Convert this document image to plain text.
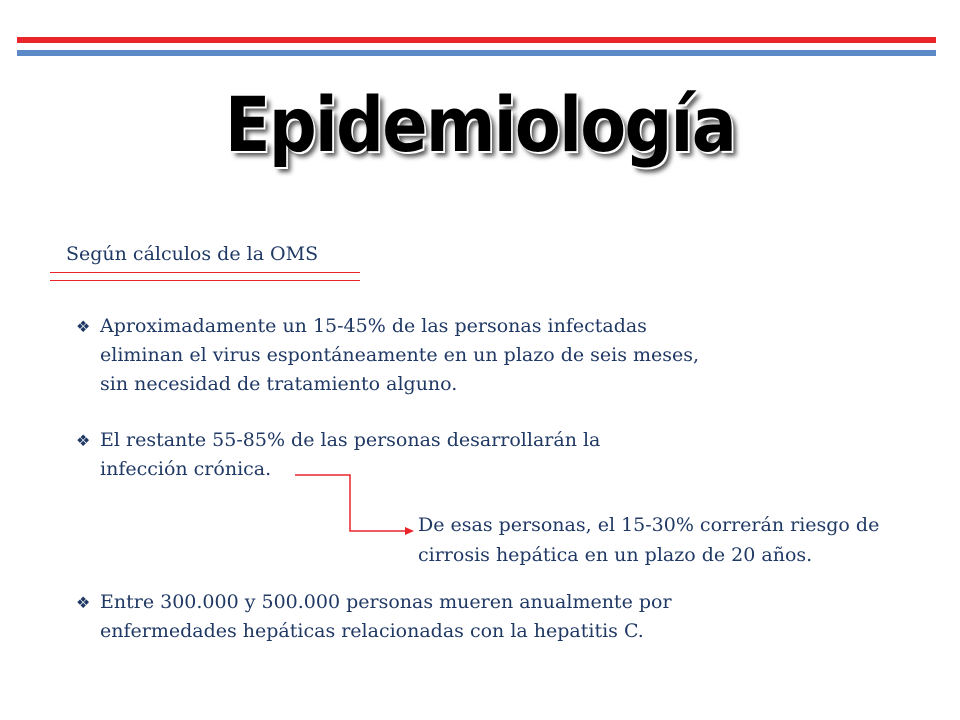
Epidemiología
Según cálculos de la OMS
❖ Aproximadamente un 15-45% de las personas infectadas eliminan el virus espontáneamente en un plazo de seis meses, sin necesidad de tratamiento alguno.
❖ El restante 55-85% de las personas desarrollarán la infección crónica.
De esas personas, el 15-30% correrán riesgo de cirrosis hepática en un plazo de 20 años.
❖ Entre 300.000 y 500.000 personas mueren anualmente por enfermedades hepáticas relacionadas con la hepatitis C.
